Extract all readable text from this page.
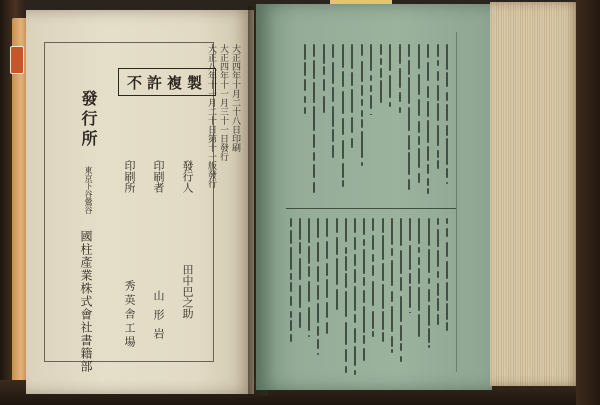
不許複製	大正四年十月二十八日印刷
大正四年十一月三十一日發行
大正八年十一月二十日第十一版發行
發行人
田中巴之助
印刷者
山形岩
印刷所
秀英舎工場
發行所
東京下谷鶯谷
國柱產業株式會社書籍部
